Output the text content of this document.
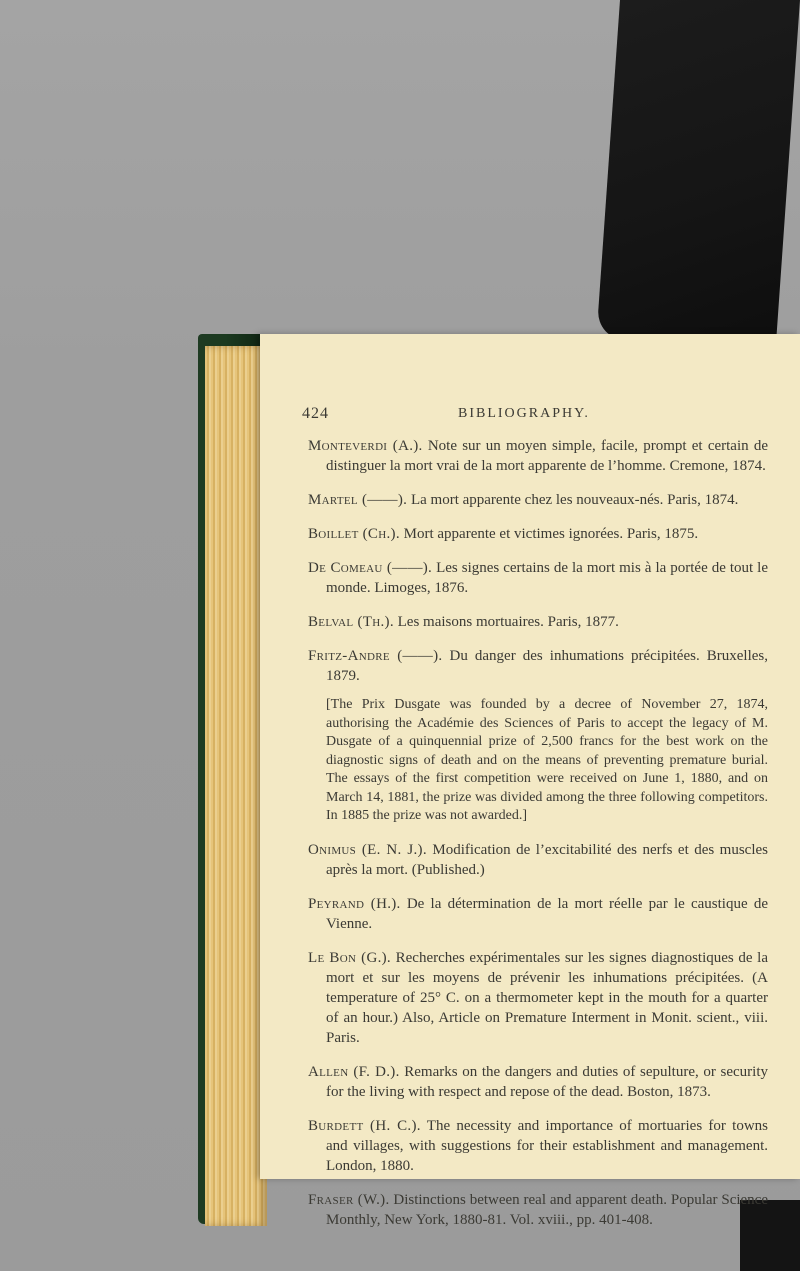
424	BIBLIOGRAPHY.

Monteverdi (A.). Note sur un moyen simple, facile, prompt et certain de distinguer la mort vrai de la mort apparente de l’homme. Cremone, 1874.

Martel (——). La mort apparente chez les nouveaux-nés. Paris, 1874.

Boillet (Ch.). Mort apparente et victimes ignorées. Paris, 1875.

De Comeau (——). Les signes certains de la mort mis à la portée de tout le monde. Limoges, 1876.

Belval (Th.). Les maisons mortuaires. Paris, 1877.

Fritz-Andre (——). Du danger des inhumations précipitées. Bruxelles, 1879.

[The Prix Dusgate was founded by a decree of November 27, 1874, authorising the Académie des Sciences of Paris to accept the legacy of M. Dusgate of a quinquennial prize of 2,500 francs for the best work on the diagnostic signs of death and on the means of preventing premature burial. The essays of the first competition were received on June 1, 1880, and on March 14, 1881, the prize was divided among the three following competitors. In 1885 the prize was not awarded.]

Onimus (E. N. J.). Modification de l’excitabilité des nerfs et des muscles après la mort. (Published.)

Peyrand (H.). De la détermination de la mort réelle par le caustique de Vienne.

Le Bon (G.). Recherches expérimentales sur les signes diagnostiques de la mort et sur les moyens de prévenir les inhumations précipitées. (A temperature of 25° C. on a thermometer kept in the mouth for a quarter of an hour.) Also, Article on Premature Interment in Monit. scient., viii. Paris.

Allen (F. D.). Remarks on the dangers and duties of sepulture, or security for the living with respect and repose of the dead. Boston, 1873.

Burdett (H. C.). The necessity and importance of mortuaries for towns and villages, with suggestions for their establishment and management. London, 1880.

Fraser (W.). Distinctions between real and apparent death. Popular Science Monthly, New York, 1880-81. Vol. xviii., pp. 401-408.
